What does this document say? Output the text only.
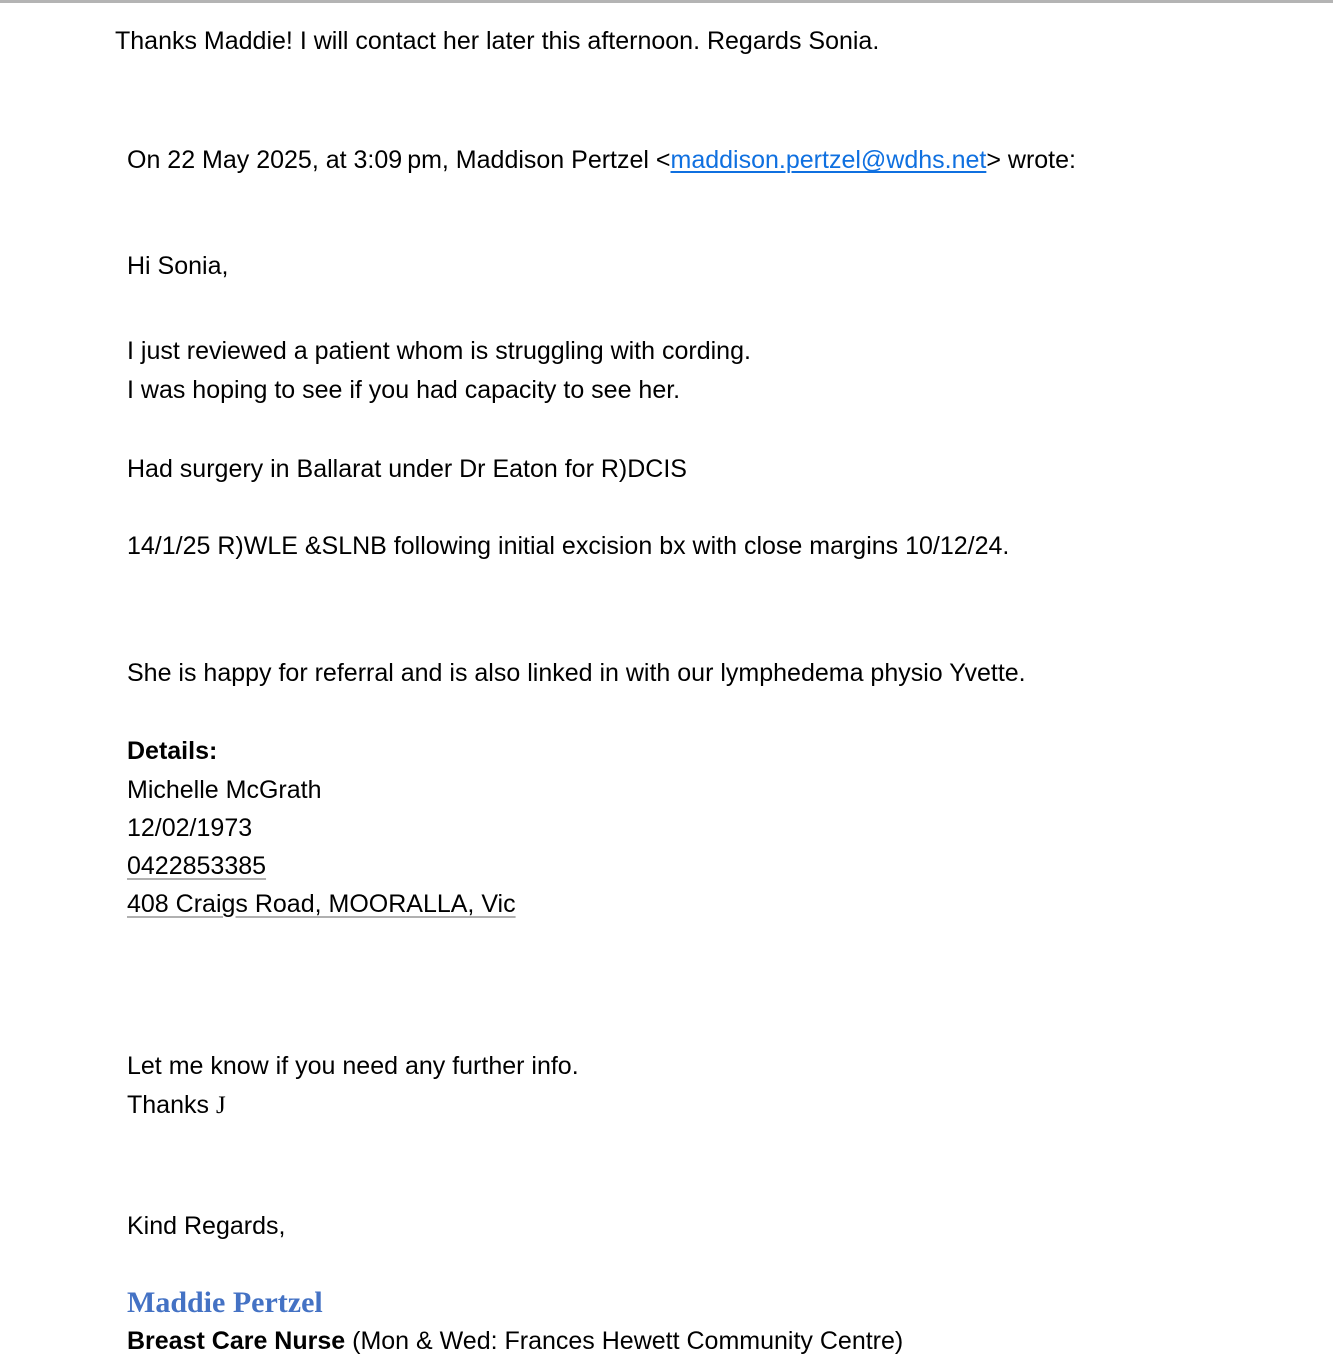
Thanks Maddie! I will contact her later this afternoon. Regards Sonia.
On 22 May 2025, at 3:09 pm, Maddison Pertzel <maddison.pertzel@wdhs.net> wrote:
Hi Sonia,
I just reviewed a patient whom is struggling with cording.
I was hoping to see if you had capacity to see her.
Had surgery in Ballarat under Dr Eaton for R)DCIS
14/1/25 R)WLE &SLNB following initial excision bx with close margins 10/12/24.
She is happy for referral and is also linked in with our lymphedema physio Yvette.
Details:
Michelle McGrath
12/02/1973
0422853385
408 Craigs Road, MOORALLA, Vic
Let me know if you need any further info.
Thanks J
Kind Regards,
Maddie Pertzel
Breast Care Nurse (Mon & Wed: Frances Hewett Community Centre)
